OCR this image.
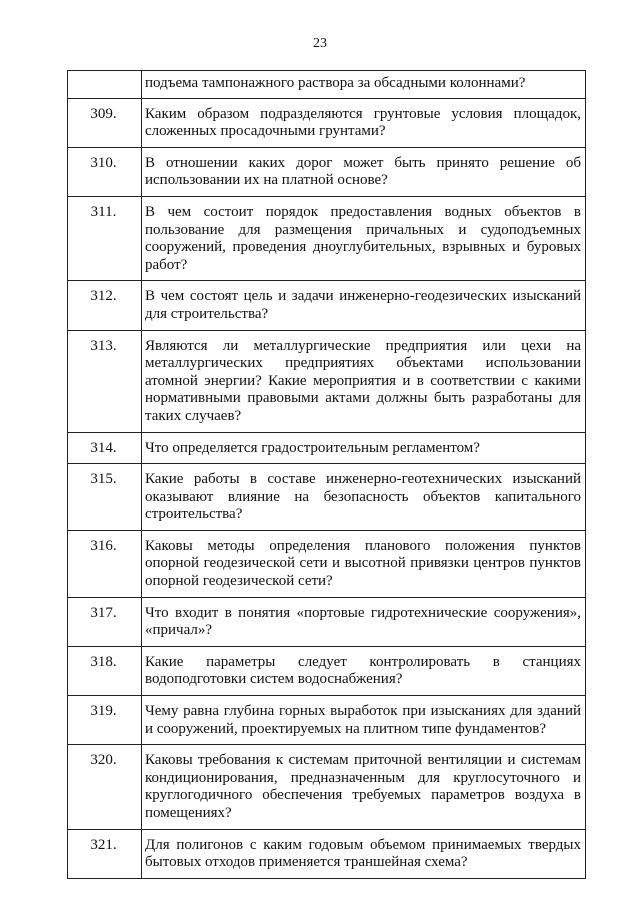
23
	подъема тампонажного раствора за обсадными колоннами?
309.	Каким образом подразделяются грунтовые условия площадок, сложенных просадочными грунтами?
310.	В отношении каких дорог может быть принято решение об использовании их на платной основе?
311.	В чем состоит порядок предоставления водных объектов в пользование для размещения причальных и судоподъемных сооружений, проведения дноуглубительных, взрывных и буровых работ?
312.	В чем состоят цель и задачи инженерно-геодезических изысканий для строительства?
313.	Являются ли металлургические предприятия или цехи на металлургических предприятиях объектами использовании атомной энергии? Какие мероприятия и в соответствии с какими нормативными правовыми актами должны быть разработаны для таких случаев?
314.	Что определяется градостроительным регламентом?
315.	Какие работы в составе инженерно-геотехнических изысканий оказывают влияние на безопасность объектов капитального строительства?
316.	Каковы методы определения планового положения пунктов опорной геодезической сети и высотной привязки центров пунктов опорной геодезической сети?
317.	Что входит в понятия «портовые гидротехнические сооружения», «причал»?
318.	Какие параметры следует контролировать в станциях водоподготовки систем водоснабжения?
319.	Чему равна глубина горных выработок при изысканиях для зданий и сооружений, проектируемых на плитном типе фундаментов?
320.	Каковы требования к системам приточной вентиляции и системам кондиционирования, предназначенным для круглосуточного и круглогодичного обеспечения требуемых параметров воздуха в помещениях?
321.	Для полигонов с каким годовым объемом принимаемых твердых бытовых отходов применяется траншейная схема?
